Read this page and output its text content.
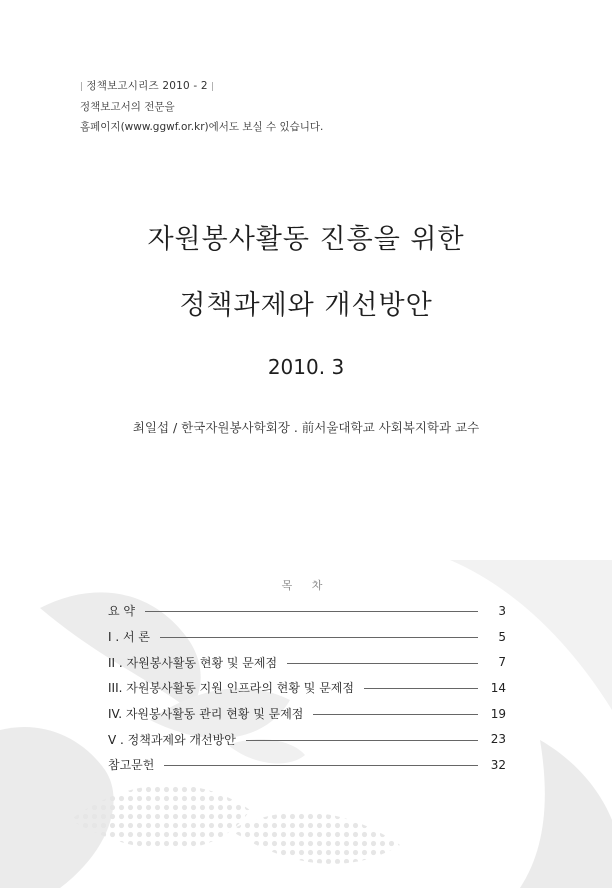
| 정책보고시리즈 2010 - 2 |
정책보고서의 전문을
홈페이지(www.ggwf.or.kr)에서도 보실 수 있습니다.
자원봉사활동 진흥을 위한
정책과제와 개선방안
2010. 3
최일섭 / 한국자원봉사학회장 . 前서울대학교 사회복지학과 교수
목 차
요 약	3
I . 서 론	5
II . 자원봉사활동 현황 및 문제점	7
III. 자원봉사활동 지원 인프라의 현황 및 문제점	14
IV. 자원봉사활동 관리 현황 및 문제점	19
V . 정책과제와 개선방안	23
참고문헌	32
